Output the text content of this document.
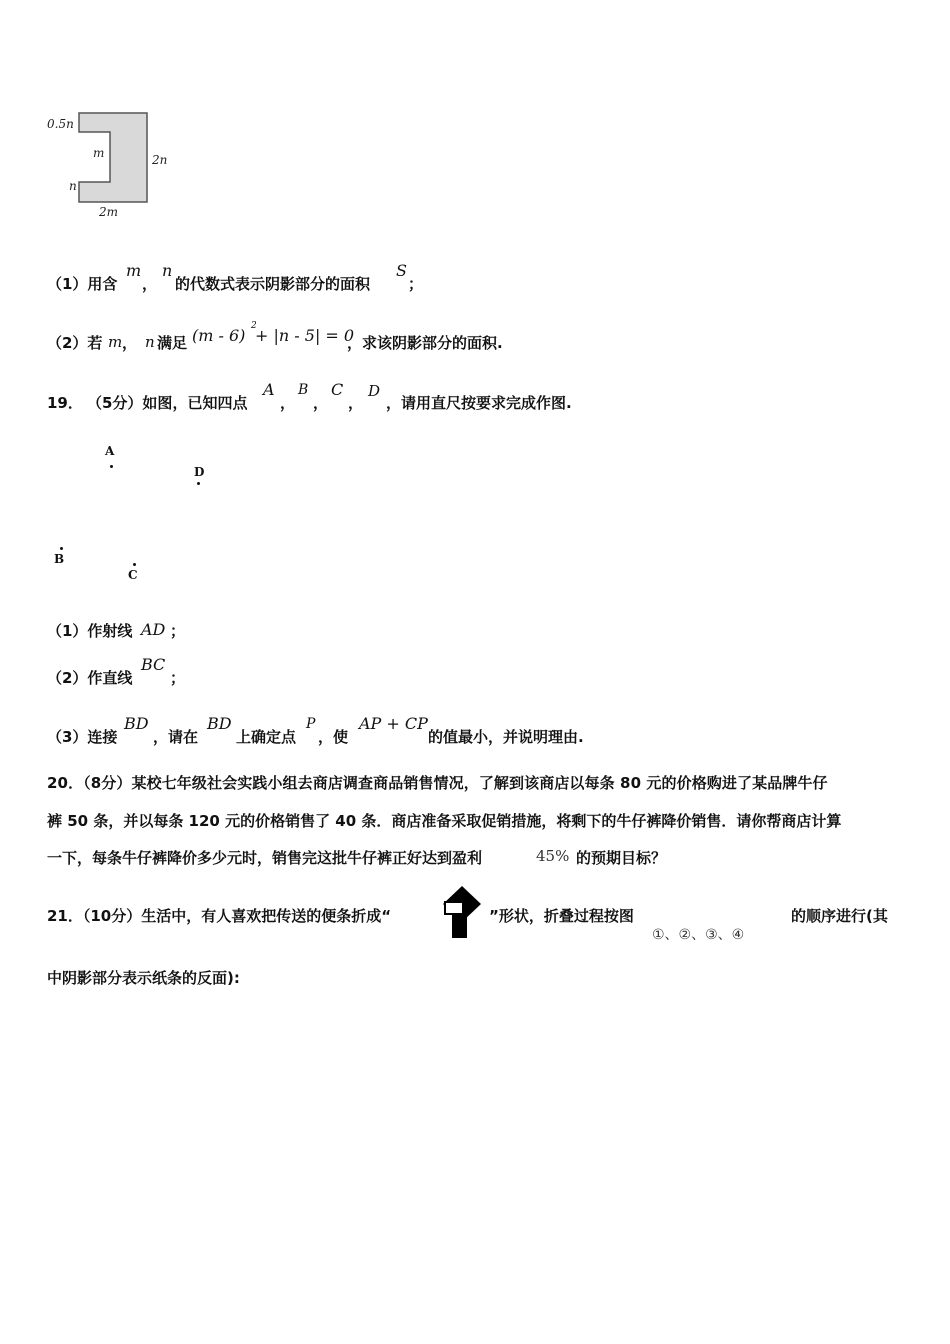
0.5n
m	2n
n
2m
（1）用含
m
，
n
的代数式表示阴影部分的面积
S
；
（2）若 m ， n 满足 (m - 6) 2
+ |n - 5| = 0
，求该阴影部分的面积.
19． （5分）如图，已知四点
A
，
B
，
C
，
D
，请用直尺按要求完成作图.
A
D
B
C
（1）作射线 AD ；
（2）作直线
BC
；
（3）连接
BD
，请在
BD
上确定点
P
，使
AP + CP
的值最小，并说明理由.
20．（8分）某校七年级社会实践小组去商店调查商品销售情况，了解到该商店以每条 80 元的价格购进了某品牌牛仔
裤 50 条，并以每条 120 元的价格销售了 40 条．商店准备采取促销措施，将剩下的牛仔裤降价销售．请你帮商店计算
一下，每条牛仔裤降价多少元时，销售完这批牛仔裤正好达到盈利	45% 的预期目标？
21．（10分）生活中，有人喜欢把传送的便条折成“	”形状，折叠过程按图
①、②、③、④
的顺序进行(其
中阴影部分表示纸条的反面):
